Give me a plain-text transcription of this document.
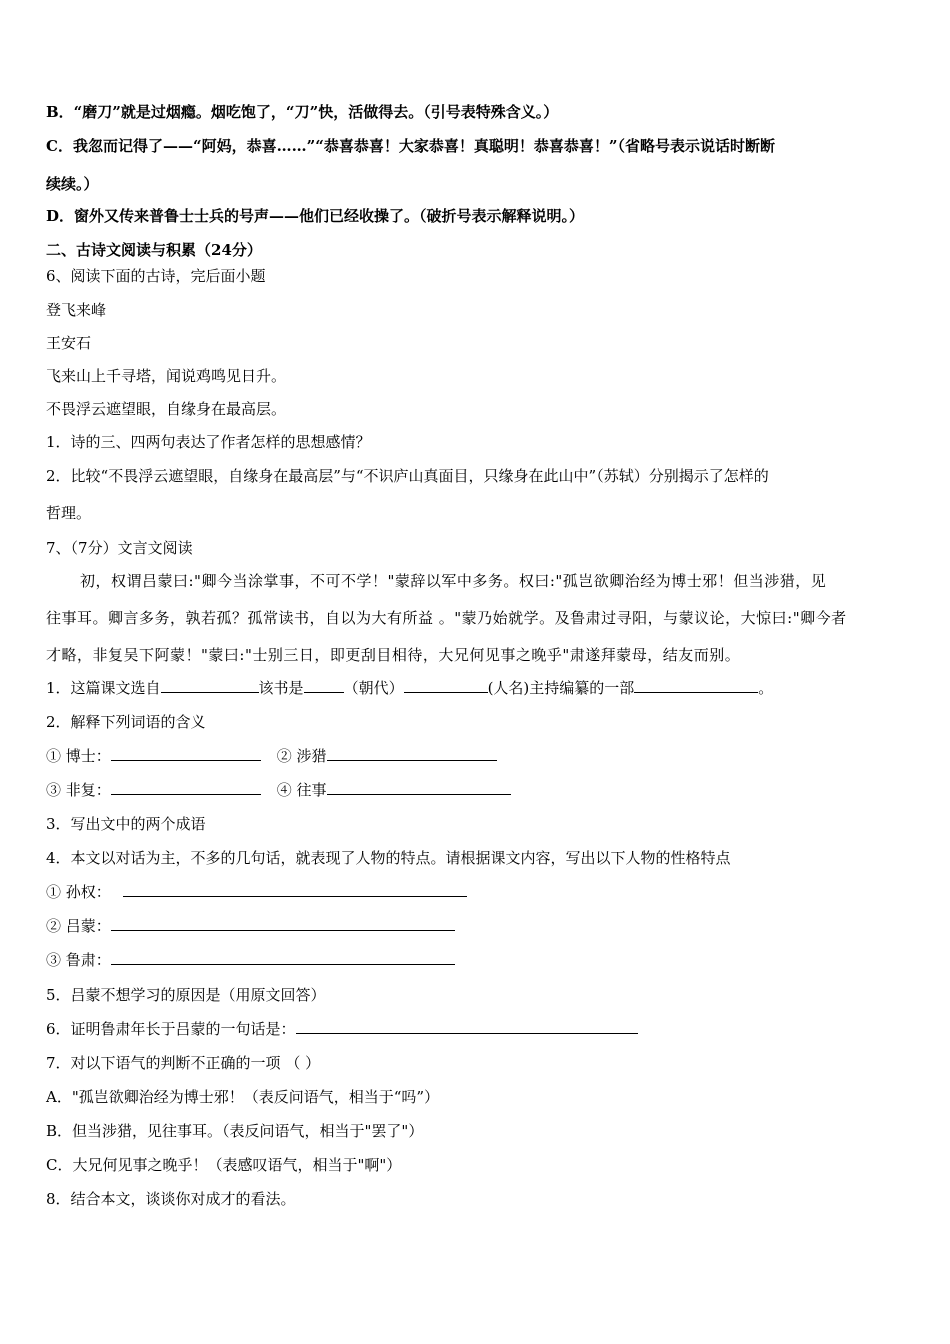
B．“磨刀”就是过烟瘾。烟吃饱了，“刀”快，活做得去。（引号表特殊含义。）
C．我忽而记得了——“阿妈，恭喜……”“恭喜恭喜！大家恭喜！真聪明！恭喜恭喜！”（省略号表示说话时断断
续续。）
D．窗外又传来普鲁士士兵的号声——他们已经收操了。（破折号表示解释说明。）
二、古诗文阅读与积累（24分）
6、阅读下面的古诗，完后面小题
登飞来峰
王安石
飞来山上千寻塔，闻说鸡鸣见日升。
不畏浮云遮望眼，自缘身在最高层。
1．诗的三、四两句表达了作者怎样的思想感情？
2．比较“不畏浮云遮望眼，自缘身在最高层”与“不识庐山真面目，只缘身在此山中”（苏轼）分别揭示了怎样的
哲理。
7、（7分）文言文阅读
初，权谓吕蒙曰:"卿今当涂掌事，不可不学！"蒙辞以军中多务。权曰:"孤岂欲卿治经为博士邪！但当涉猎，见
往事耳。卿言多务，孰若孤？孤常读书，自以为大有所益 。"蒙乃始就学。及鲁肃过寻阳，与蒙议论，大惊曰:"卿今者
才略，非复吴下阿蒙！"蒙曰:"士别三日，即更刮目相待，大兄何见事之晚乎"肃遂拜蒙母，结友而别。
1．这篇课文选自	该书是	（朝代）	(人名)主持编纂的一部	。
2．解释下列词语的含义
① 博士：	② 涉猎
③ 非复：	④ 往事
3．写出文中的两个成语
4．本文以对话为主，不多的几句话，就表现了人物的特点。请根据课文内容，写出以下人物的性格特点
① 孙权：
② 吕蒙：
③ 鲁肃：
5．吕蒙不想学习的原因是（用原文回答）
6．证明鲁肃年长于吕蒙的一句话是：
7．对以下语气的判断不正确的一项 （ ）
A．"孤岂欲卿治经为博士邪！（表反问语气，相当于“吗”）
B．但当涉猎，见往事耳。（表反问语气，相当于"罢了"）
C．大兄何见事之晚乎！（表感叹语气，相当于"啊"）
8．结合本文，谈谈你对成才的看法。
